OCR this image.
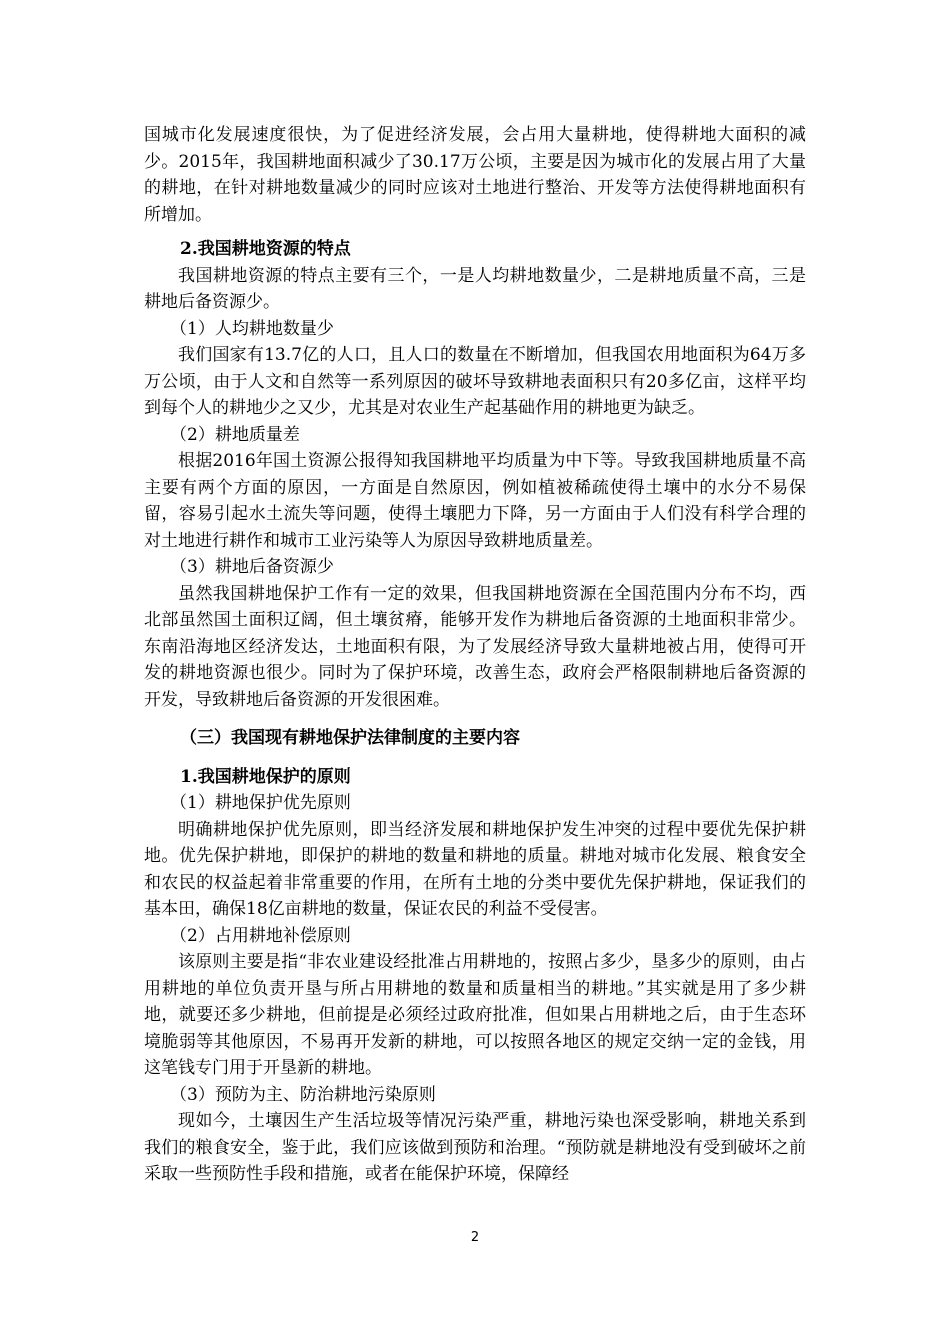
国城市化发展速度很快，为了促进经济发展，会占用大量耕地，使得耕地大面积的减少。2015年，我国耕地面积减少了30.17万公顷，主要是因为城市化的发展占用了大量的耕地，在针对耕地数量减少的同时应该对土地进行整治、开发等方法使得耕地面积有所增加。

2.我国耕地资源的特点

我国耕地资源的特点主要有三个，一是人均耕地数量少，二是耕地质量不高，三是耕地后备资源少。

（1）人均耕地数量少

我们国家有13.7亿的人口，且人口的数量在不断增加，但我国农用地面积为64万多万公顷，由于人文和自然等一系列原因的破坏导致耕地表面积只有20多亿亩，这样平均到每个人的耕地少之又少，尤其是对农业生产起基础作用的耕地更为缺乏。

（2）耕地质量差

根据2016年国土资源公报得知我国耕地平均质量为中下等。导致我国耕地质量不高主要有两个方面的原因，一方面是自然原因，例如植被稀疏使得土壤中的水分不易保留，容易引起水土流失等问题，使得土壤肥力下降，另一方面由于人们没有科学合理的对土地进行耕作和城市工业污染等人为原因导致耕地质量差。

（3）耕地后备资源少

虽然我国耕地保护工作有一定的效果，但我国耕地资源在全国范围内分布不均，西北部虽然国土面积辽阔，但土壤贫瘠，能够开发作为耕地后备资源的土地面积非常少。东南沿海地区经济发达，土地面积有限，为了发展经济导致大量耕地被占用，使得可开发的耕地资源也很少。同时为了保护环境，改善生态，政府会严格限制耕地后备资源的开发，导致耕地后备资源的开发很困难。

（三）我国现有耕地保护法律制度的主要内容

1.我国耕地保护的原则

（1）耕地保护优先原则

明确耕地保护优先原则，即当经济发展和耕地保护发生冲突的过程中要优先保护耕地。优先保护耕地，即保护的耕地的数量和耕地的质量。耕地对城市化发展、粮食安全和农民的权益起着非常重要的作用，在所有土地的分类中要优先保护耕地，保证我们的基本田，确保18亿亩耕地的数量，保证农民的利益不受侵害。

（2）占用耕地补偿原则

该原则主要是指“非农业建设经批准占用耕地的，按照占多少，垦多少的原则，由占用耕地的单位负责开垦与所占用耕地的数量和质量相当的耕地。”其实就是用了多少耕地，就要还多少耕地，但前提是必须经过政府批准，但如果占用耕地之后，由于生态环境脆弱等其他原因，不易再开发新的耕地，可以按照各地区的规定交纳一定的金钱，用这笔钱专门用于开垦新的耕地。

（3）预防为主、防治耕地污染原则

现如今，土壤因生产生活垃圾等情况污染严重，耕地污染也深受影响，耕地关系到我们的粮食安全，鉴于此，我们应该做到预防和治理。“预防就是耕地没有受到破坏之前采取一些预防性手段和措施，或者在能保护环境，保障经

2
